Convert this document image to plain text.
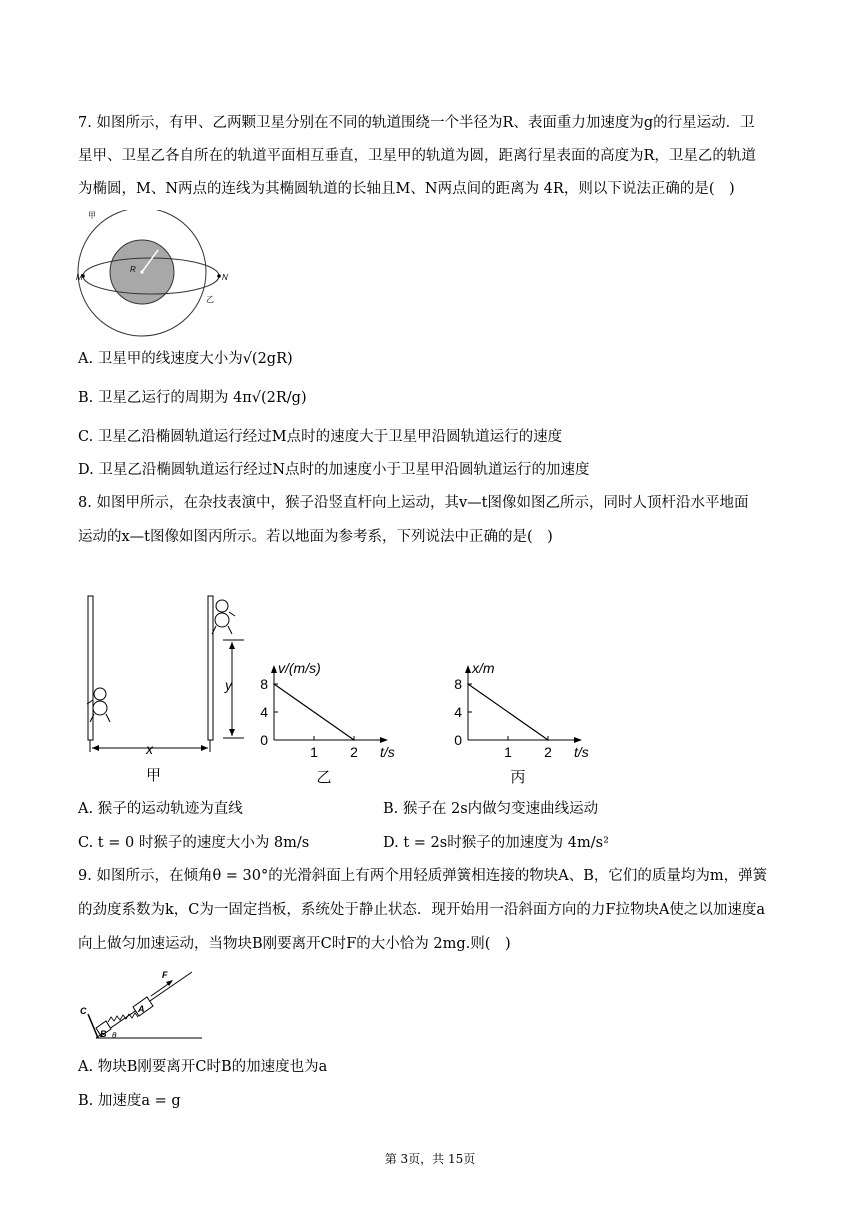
7. 如图所示，有甲、乙两颗卫星分别在不同的轨道围绕一个半径为R、表面重力加速度为g的行星运动．卫
星甲、卫星乙各自所在的轨道平面相互垂直，卫星甲的轨道为圆，距离行星表面的高度为R，卫星乙的轨道
为椭圆，M、N两点的连线为其椭圆轨道的长轴且M、N两点间的距离为 4R，则以下说法正确的是(　)
甲
M	N
R
乙
A. 卫星甲的线速度大小为√(2gR)
B. 卫星乙运行的周期为 4π√(2R/g)
C. 卫星乙沿椭圆轨道运行经过M点时的速度大于卫星甲沿圆轨道运行的速度
D. 卫星乙沿椭圆轨道运行经过N点时的加速度小于卫星甲沿圆轨道运行的加速度
8. 如图甲所示，在杂技表演中，猴子沿竖直杆向上运动，其v—t图像如图乙所示，同时人顶杆沿水平地面
运动的x—t图像如图丙所示。若以地面为参考系，下列说法中正确的是(　)
x
y
甲
0
4
8
1 2
v/(m/s)
t/s
乙
0
4
8
1 2
x/m
t/s
丙
A. 猴子的运动轨迹为直线	B. 猴子在 2s内做匀变速曲线运动
C. t = 0 时猴子的速度大小为 8m/s	D. t = 2s时猴子的加速度为 4m/s²
9. 如图所示，在倾角θ = 30°的光滑斜面上有两个用轻质弹簧相连接的物块A、B，它们的质量均为m，弹簧
的劲度系数为k，C为一固定挡板，系统处于静止状态．现开始用一沿斜面方向的力F拉物块A使之以加速度a
向上做匀加速运动，当物块B刚要离开C时F的大小恰为 2mg.则(　)
C
B
A
F
θ
A. 物块B刚要离开C时B的加速度也为a
B. 加速度a = g
第 3页，共 15页
